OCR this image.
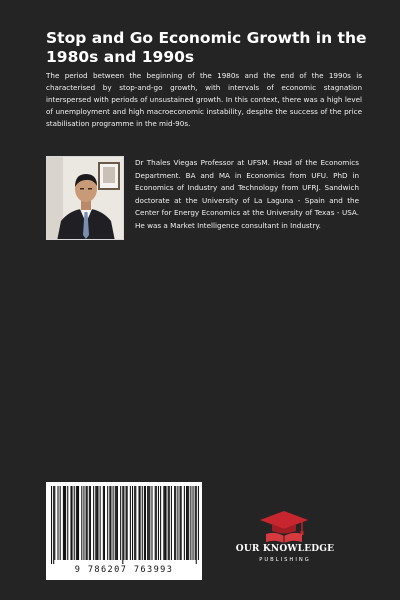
Stop and Go Economic Growth in the 1980s and 1990s

The period between the beginning of the 1980s and the end of the 1990s is characterised by stop-and-go growth, with intervals of economic stagnation interspersed with periods of unsustained growth. In this context, there was a high level of unemployment and high macroeconomic instability, despite the success of the price stabilisation programme in the mid-90s.

Dr Thales Viegas Professor at UFSM. Head of the Economics Department. BA and MA in Economics from UFU. PhD in Economics of Industry and Technology from UFRJ. Sandwich doctorate at the University of La Laguna - Spain and the Center for Energy Economics at the University of Texas - USA. He was a Market Intelligence consultant in Industry.

9 786207 763993
OUR KNOWLEDGE
PUBLISHING
